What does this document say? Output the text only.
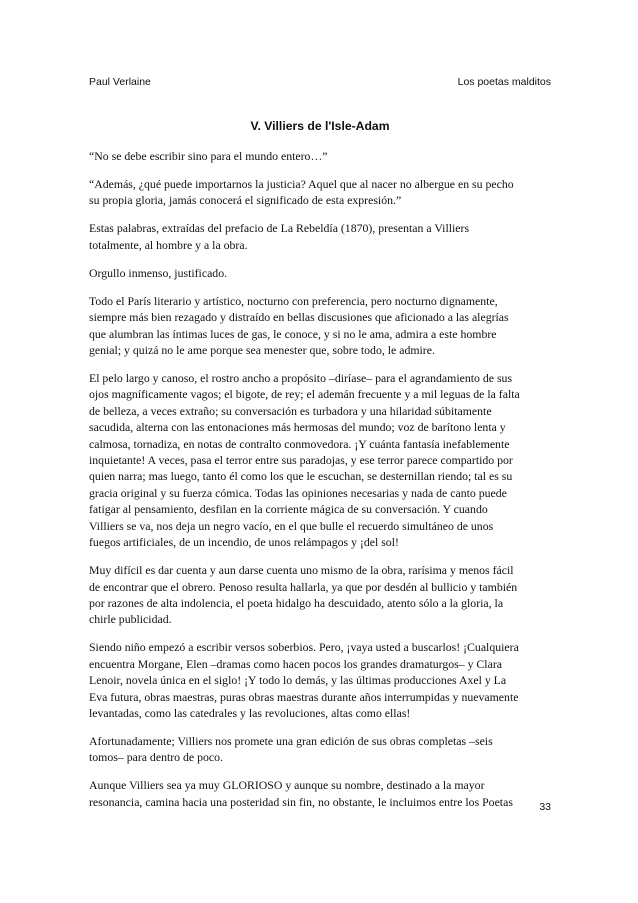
Paul Verlaine	Los poetas malditos
V. Villiers de l'Isle-Adam

“No se debe escribir sino para el mundo entero…”

“Además, ¿qué puede importarnos la justicia? Aquel que al nacer no albergue en su pecho
su propia gloria, jamás conocerá el significado de esta expresión.”

Estas palabras, extraídas del prefacio de La Rebeldía (1870), presentan a Villiers
totalmente, al hombre y a la obra.

Orgullo inmenso, justificado.

Todo el París literario y artístico, nocturno con preferencia, pero nocturno dignamente,
siempre más bien rezagado y distraído en bellas discusiones que aficionado a las alegrías
que alumbran las íntimas luces de gas, le conoce, y si no le ama, admira a este hombre
genial; y quizá no le ame porque sea menester que, sobre todo, le admire.

El pelo largo y canoso, el rostro ancho a propósito –diríase– para el agrandamiento de sus
ojos magníficamente vagos; el bigote, de rey; el ademán frecuente y a mil leguas de la falta
de belleza, a veces extraño; su conversación es turbadora y una hilaridad súbitamente
sacudida, alterna con las entonaciones más hermosas del mundo; voz de barítono lenta y
calmosa, tornadiza, en notas de contralto conmovedora. ¡Y cuánta fantasía inefablemente
inquietante! A veces, pasa el terror entre sus paradojas, y ese terror parece compartido por
quien narra; mas luego, tanto él como los que le escuchan, se desternillan riendo; tal es su
gracia original y su fuerza cómica. Todas las opiniones necesarias y nada de canto puede
fatigar al pensamiento, desfilan en la corriente mágica de su conversación. Y cuando
Villiers se va, nos deja un negro vacío, en el que bulle el recuerdo simultáneo de unos
fuegos artificiales, de un incendio, de unos relámpagos y ¡del sol!

Muy difícil es dar cuenta y aun darse cuenta uno mismo de la obra, rarísima y menos fácil
de encontrar que el obrero. Penoso resulta hallarla, ya que por desdén al bullicio y también
por razones de alta indolencia, el poeta hidalgo ha descuidado, atento sólo a la gloria, la
chirle publicidad.

Siendo niño empezó a escribir versos soberbios. Pero, ¡vaya usted a buscarlos! ¡Cualquiera
encuentra Morgane, Elen –dramas como hacen pocos los grandes dramaturgos– y Clara
Lenoir, novela única en el siglo! ¡Y todo lo demás, y las últimas producciones Axel y La
Eva futura, obras maestras, puras obras maestras durante años interrumpidas y nuevamente
levantadas, como las catedrales y las revoluciones, altas como ellas!

Afortunadamente; Villiers nos promete una gran edición de sus obras completas –seis
tomos– para dentro de poco.

Aunque Villiers sea ya muy GLORIOSO y aunque su nombre, destinado a la mayor
resonancia, camina hacia una posteridad sin fin, no obstante, le incluimos entre los Poetas	33
